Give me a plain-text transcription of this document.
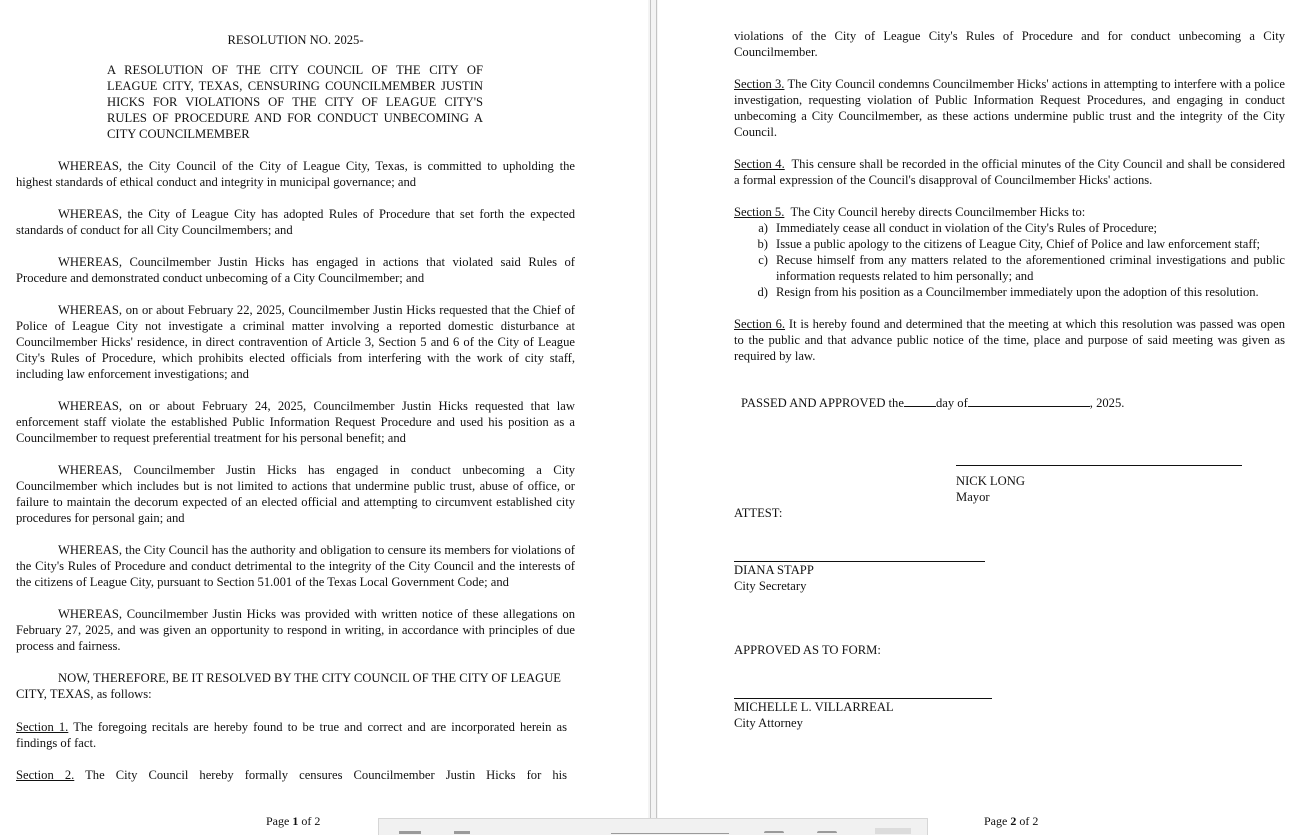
RESOLUTION NO. 2025-

A RESOLUTION OF THE CITY COUNCIL OF THE CITY OF LEAGUE CITY, TEXAS, CENSURING COUNCILMEMBER JUSTIN HICKS FOR VIOLATIONS OF THE CITY OF LEAGUE CITY'S RULES OF PROCEDURE AND FOR CONDUCT UNBECOMING A CITY COUNCILMEMBER

WHEREAS, the City Council of the City of League City, Texas, is committed to upholding the highest standards of ethical conduct and integrity in municipal governance; and

WHEREAS, the City of League City has adopted Rules of Procedure that set forth the expected standards of conduct for all City Councilmembers; and

WHEREAS, Councilmember Justin Hicks has engaged in actions that violated said Rules of Procedure and demonstrated conduct unbecoming of a City Councilmember; and

WHEREAS, on or about February 22, 2025, Councilmember Justin Hicks requested that the Chief of Police of League City not investigate a criminal matter involving a reported domestic disturbance at Councilmember Hicks' residence, in direct contravention of Article 3, Section 5 and 6 of the City of League City's Rules of Procedure, which prohibits elected officials from interfering with the work of city staff, including law enforcement investigations; and

WHEREAS, on or about February 24, 2025, Councilmember Justin Hicks requested that law enforcement staff violate the established Public Information Request Procedure and used his position as a Councilmember to request preferential treatment for his personal benefit; and

WHEREAS, Councilmember Justin Hicks has engaged in conduct unbecoming a City Councilmember which includes but is not limited to actions that undermine public trust, abuse of office, or failure to maintain the decorum expected of an elected official and attempting to circumvent established city procedures for personal gain; and

WHEREAS, the City Council has the authority and obligation to censure its members for violations of the City's Rules of Procedure and conduct detrimental to the integrity of the City Council and the interests of the citizens of League City, pursuant to Section 51.001 of the Texas Local Government Code; and

WHEREAS, Councilmember Justin Hicks was provided with written notice of these allegations on February 27, 2025, and was given an opportunity to respond in writing, in accordance with principles of due process and fairness.

NOW, THEREFORE, BE IT RESOLVED BY THE CITY COUNCIL OF THE CITY OF LEAGUE CITY, TEXAS, as follows:

Section 1. The foregoing recitals are hereby found to be true and correct and are incorporated herein as findings of fact.

Section 2. The City Council hereby formally censures Councilmember Justin Hicks for his

Page 1 of 2

violations of the City of League City's Rules of Procedure and for conduct unbecoming a City Councilmember.

Section 3. The City Council condemns Councilmember Hicks' actions in attempting to interfere with a police investigation, requesting violation of Public Information Request Procedures, and engaging in conduct unbecoming a City Councilmember, as these actions undermine public trust and the integrity of the City Council.

Section 4. This censure shall be recorded in the official minutes of the City Council and shall be considered a formal expression of the Council's disapproval of Councilmember Hicks' actions.

Section 5. The City Council hereby directs Councilmember Hicks to:

a) Immediately cease all conduct in violation of the City's Rules of Procedure;
b) Issue a public apology to the citizens of League City, Chief of Police and law enforcement staff;
c) Recuse himself from any matters related to the aforementioned criminal investigations and public information requests related to him personally; and
d) Resign from his position as a Councilmember immediately upon the adoption of this resolution.

Section 6. It is hereby found and determined that the meeting at which this resolution was passed was open to the public and that advance public notice of the time, place and purpose of said meeting was given as required by law.

PASSED AND APPROVED the	day of	, 2025.

NICK LONG

Mayor

ATTEST:

DIANA STAPP

City Secretary

APPROVED AS TO FORM:

MICHELLE L. VILLARREAL

City Attorney

Page 2 of 2
